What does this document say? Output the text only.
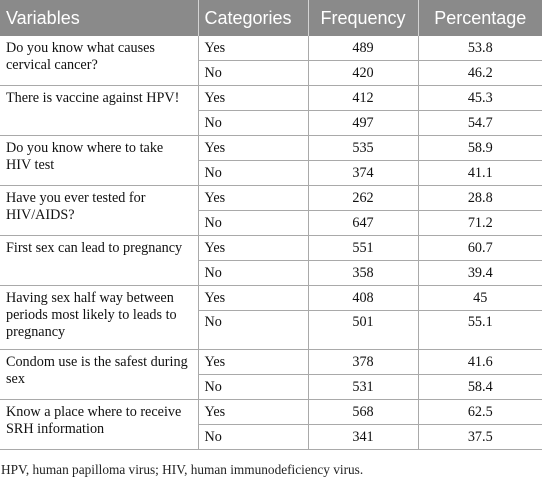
Variables	Categories	Frequency	Percentage
Do you know what causes cervical cancer?	Yes	489	53.8
	No	420	46.2
There is vaccine against HPV!	Yes	412	45.3
	No	497	54.7
Do you know where to take HIV test	Yes	535	58.9
	No	374	41.1
Have you ever tested for HIV/AIDS?	Yes	262	28.8
	No	647	71.2
First sex can lead to pregnancy	Yes	551	60.7
	No	358	39.4
Having sex half way between periods most likely to leads to pregnancy	Yes	408	45
	No	501	55.1
Condom use is the safest during sex	Yes	378	41.6
	No	531	58.4
Know a place where to receive SRH information	Yes	568	62.5
	No	341	37.5
HPV, human papilloma virus; HIV, human immunodeficiency virus.
